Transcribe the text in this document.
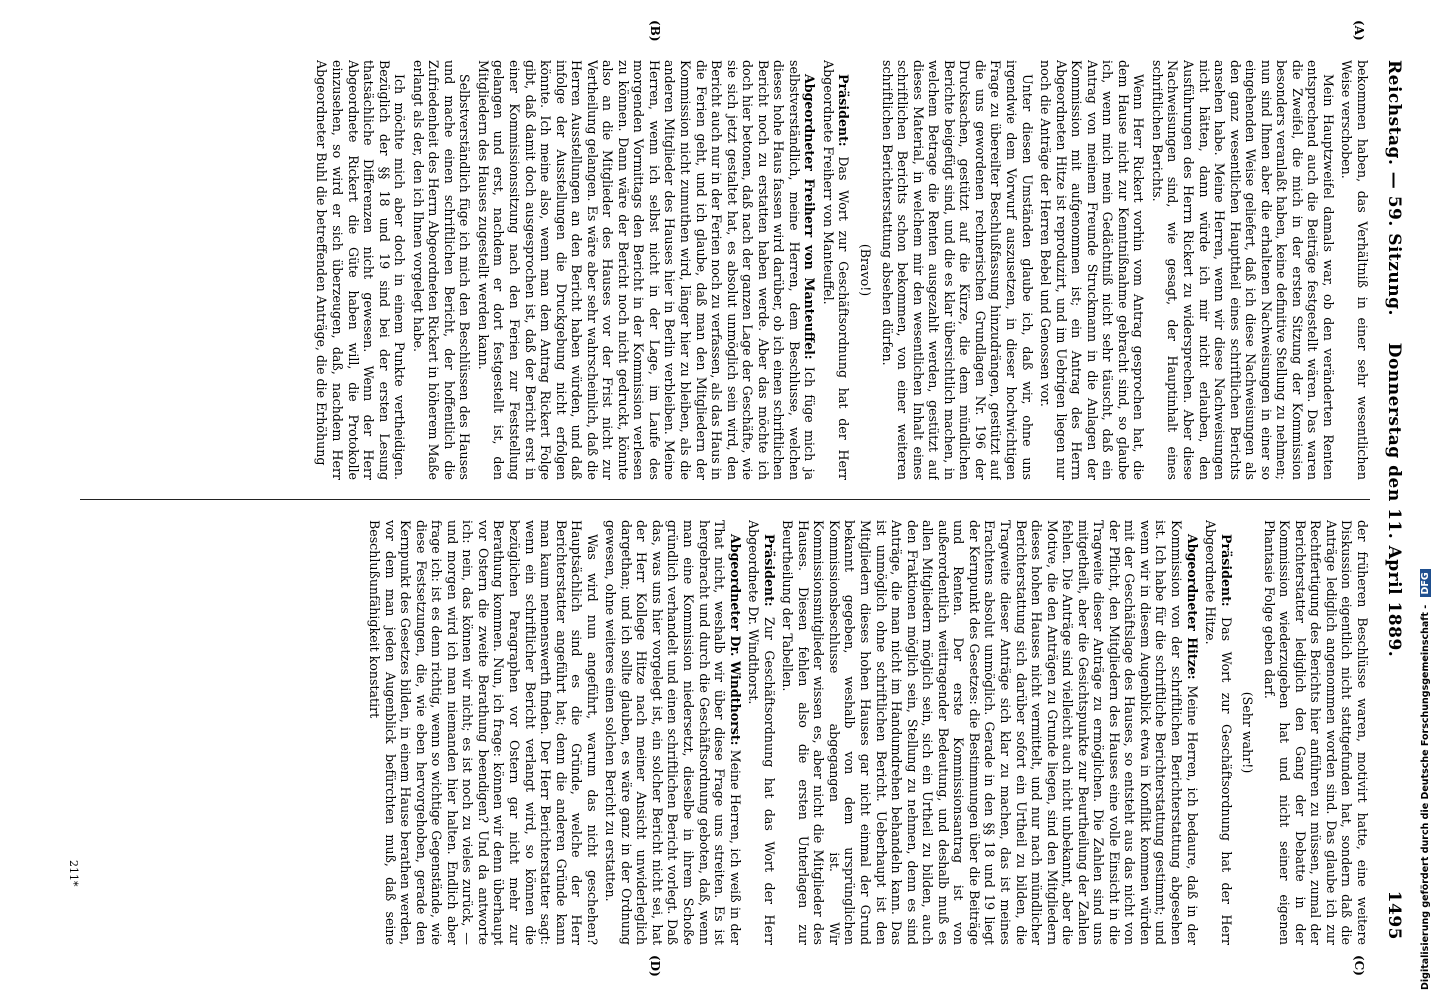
Reichstag. — 59. Sitzung.
Donnerstag den 11. April 1889.
1495
(A)
(B)
(C)
(D)

bekommen haben, das Verhältniß in einer sehr wesentlichen Weise verschoben.

Mein Hauptzweifel damals war, ob den veränderten Renten entsprechend auch die Beiträge festgestellt wären. Das waren die Zweifel, die mich in der ersten Sitzung der Kommission besonders veranlaßt haben, keine definitive Stellung zu nehmen; nun sind Ihnen aber die erhaltenen Nachweisungen in einer so eingehenden Weise geliefert, daß ich diese Nachweisungen als den ganz wesentlichen Haupttheil eines schriftlichen Berichts ansehen habe. Meine Herren, wenn wir diese Nachweisungen nicht hätten, dann würde ich mir nicht erlauben, den Ausführungen des Herrn Rickert zu widersprechen. Aber diese Nachweisungen sind, wie gesagt, der Hauptinhalt eines schriftlichen Berichts.

Wenn Herr Rickert vorhin vom Antrag gesprochen hat, die dem Hause nicht zur Kenntnißnahme gebracht sind, so glaube ich, wenn mich mein Gedächtniß nicht sehr täuscht, daß ein Antrag von meinem Freunde Struckmann in die Anlagen der Kommission mit aufgenommen ist; ein Antrag des Herrn Abgeordneten Hitze ist reproduzirt, und im Uebrigen liegen nur noch die Anträge der Herren Bebel und Genossen vor.

Unter diesen Umständen glaube ich, daß wir, ohne uns irgendwie dem Vorwurf auszusetzen, in dieser hochwichtigen Frage zu übereilter Beschlußfassung hinzudrängen, gestützt auf die uns gewordenen rechnerischen Grundlagen Nr. 196 der Drucksachen, gestützt auf die Kürze, die dem mündlichen Berichte beigefügt sind, und die es klar übersichtlich machen, in welchem Betrage die Renten ausgezahlt werden, gestützt auf dieses Material, in welchem mir den wesentlichen Inhalt eines schriftlichen Berichts schon bekommen, von einer weiteren schriftlichen Berichterstattung absehen dürfen.

(Bravo!)

Präsident: Das Wort zur Geschäftsordnung hat der Herr Abgeordnete Freiherr von Manteuffel.

Abgeordneter Freiherr von Manteuffel: Ich füge mich ja selbstverständlich, meine Herren, dem Beschlusse, welchen dieses hohe Haus fassen wird darüber, ob ich einen schriftlichen Bericht noch zu erstatten haben werde. Aber das möchte ich doch hier betonen, daß nach der ganzen Lage der Geschäfte, wie sie sich jetzt gestaltet hat, es absolut unmöglich sein wird, den Bericht auch nur in der Ferien noch zu verfassen, als das Haus in die Ferien geht, und ich glaube, daß man den Mitgliedern der Kommission nicht zumuthen wird, länger hier zu bleiben, als die anderen Mitglieder des Hauses hier in Berlin verbleiben. Meine Herren, wenn ich selbst nicht in der Lage, im Laufe des morgenden Vormittags den Bericht in der Kommission verlesen zu können. Dann wäre der Bericht noch nicht gedruckt, könnte also an die Mitglieder des Hauses vor der Frist nicht zur Vertheilung gelangen. Es wäre aber sehr wahrscheinlich, daß die Herren Ausstellungen an den Bericht haben würden, und daß infolge der Ausstellungen die Druckgebung nicht erfolgen könnte. Ich meine also, wenn man dem Antrag Rickert Folge gibt, daß damit doch ausgesprochen ist, daß der Bericht erst in einer Kommissionssitzung nach den Ferien zur Feststellung gelangen und erst, nachdem er dort festgestellt ist, den Mitgliedern des Hauses zugestellt werden kann.

Selbstverständlich füge ich mich den Beschlüssen des Hauses und mache einen schriftlichen Bericht, der hoffentlich die Zufriedenheit des Herrn Abgeordneten Rickert in höherem Maße erlangt als der, den ich Ihnen vorgelegt habe.

Ich möchte mich aber doch in einem Punkte vertheidigen. Bezüglich der §§ 18 und 19 sind bei der ersten Lesung thatsächliche Differenzen nicht gewesen. Wenn der Herr Abgeordnete Rickert die Güte haben will, die Protokolle einzusehen, so wird er sich überzeugen, daß, nachdem Herr Abgeordneter Buhl die betreffenden Anträge, die die Erhöhung

der früheren Beschlüsse waren, motivirt hatte, eine weitere Diskussion eigentlich nicht stattgefunden hat, sondern daß die Anträge lediglich angenommen worden sind. Das glaube ich zur Rechtfertigung des Berichts hier anführen zu müssen, zumal der Berichterstatter lediglich den Gang der Debatte in der Kommission wiederzugeben hat und nicht seiner eigenen Phantasie Folge geben darf.

(Sehr wahr!)

Präsident: Das Wort zur Geschäftsordnung hat der Herr Abgeordnete Hitze.

Abgeordneter Hitze: Meine Herren, ich bedaure, daß in der Kommission von der schriftlichen Berichterstattung abgesehen ist. Ich habe für die schriftliche Berichterstattung gestimmt; und wenn wir in diesem Augenblick etwa in Konflikt kommen würden mit der Geschäftslage des Hauses, so entsteht aus das nicht von der Pflicht, den Mitgliedern des Hauses eine volle Einsicht in die Tragweite dieser Anträge zu ermöglichen. Die Zahlen sind uns mitgetheilt, aber die Gesichtspunkte zur Beurtheilung der Zahlen fehlen. Die Anträge sind vielleicht auch nicht unbekannt, aber die Motive, die den Anträgen zu Grunde liegen, sind den Mitgliedern dieses hohen Hauses nicht vermittelt, und nur nach mündlicher Berichterstattung sich darüber sofort ein Urtheil zu bilden, die Tragweite dieser Anträge sich klar zu machen, das ist meines Erachtens absolut unmöglich. Gerade in den §§ 18 und 19 liegt der Kernpunkt des Gesetzes: die Bestimmungen über die Beiträge und Renten. Der erste Kommissionsantrag ist von außerordentlich weittragender Bedeutung, und deshalb muß es allen Mitgliedern möglich sein, sich ein Urtheil zu bilden, auch den Fraktionen möglich sein, Stellung zu nehmen, denn es sind Anträge, die man nicht im Handumdrehen behandeln kann. Das ist unmöglich ohne schriftlichen Bericht. Ueberhaupt ist den Mitgliedern dieses hohen Hauses gar nicht einmal der Grund bekannt gegeben, weshalb von dem ursprünglichen Kommissionsbeschlusse abgegangen ist. Wir Kommissionsmitglieder wissen es, aber nicht die Mitglieder des Hauses. Diesen fehlen also die ersten Unterlagen zur Beurtheilung der Tabellen.

Präsident: Zur Geschäftsordnung hat das Wort der Herr Abgeordnete Dr. Windthorst.

Abgeordneter Dr. Windthorst: Meine Herren, ich weiß in der That nicht, weshalb wir über diese Frage uns streiten. Es ist hergebracht und durch die Geschäftsordnung geboten, daß, wenn man eine Kommission niedersetzt, dieselbe in ihrem Schoße gründlich verhandelt und einen schriftlichen Bericht vorlegt. Daß das, was uns hier vorgelegt ist, ein solcher Bericht nicht sei, hat der Herr Kollege Hitze nach meiner Ansicht unwiderleglich dargethan; und ich sollte glauben, es wäre ganz in der Ordnung gewesen, ohne weiteres einen solchen Bericht zu erstatten.

Was wird nun angeführt, warum das nicht geschehen? Hauptsächlich sind es die Gründe, welche der Herr Berichterstatter angeführt hat; denn die anderen Gründe kann man kaum nennenswerth finden. Der Herr Berichterstatter sagt: wenn ein schriftlicher Bericht verlangt wird, so können die bezüglichen Paragraphen vor Ostern gar nicht mehr zur Berathung kommen. Nun, ich frage: können wir denn überhaupt vor Ostern die zweite Berathung beendigen? Und da antworte ich: nein, das können wir nicht; es ist noch zu vieles zurück, — und morgen wird ich man niemanden hier halten. Endlich aber frage ich: ist es denn richtig, wenn so wichtige Gegenstände, wie diese Festsetzungen, die, wie eben hervorgehoben, gerade den Kernpunkt des Gesetzes bilden, in einem Hause berathen werden, vor dem man jeden Augenblick befürchten muß, daß seine Beschlußunfähigkeit konstatirt

211*	Digitalisierung gefördert durch die Deutsche Forschungsgemeinschaft - DFG
